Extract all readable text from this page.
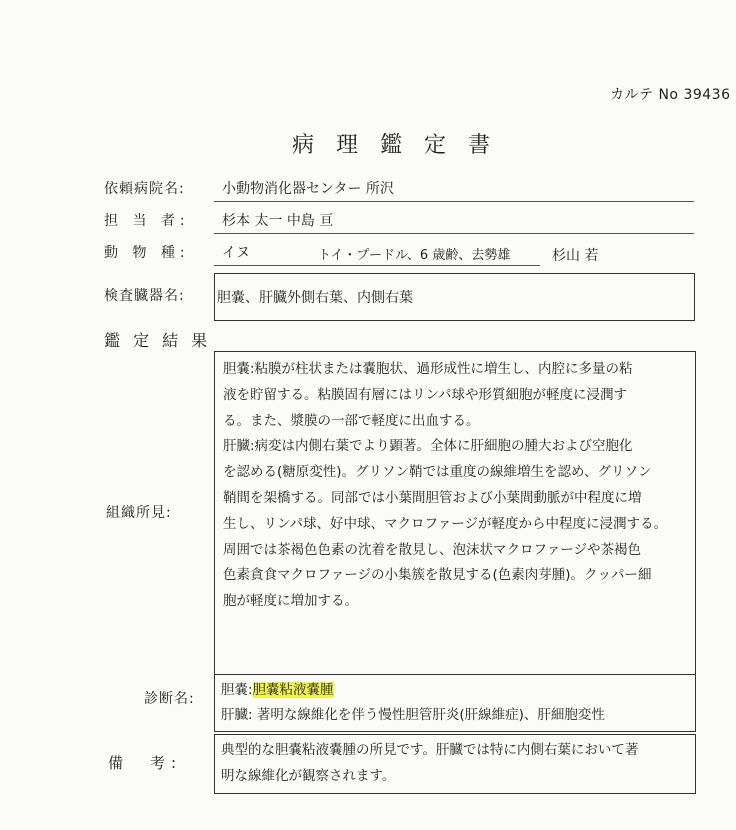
カルテ No 39436
病理鑑定書
依頼病院名:	小動物消化器センター 所沢
担 当 者: 杉本 太一 中島 亘
動 物 種: イヌ	トイ・プードル、6 歳齢、去勢雄	杉山 若
検査臓器名: 胆嚢、肝臓外側右葉、内側右葉
鑑 定 結 果
組織所見:

胆嚢:粘膜が柱状または嚢胞状、過形成性に増生し、内腔に多量の粘

液を貯留する。粘膜固有層にはリンパ球や形質細胞が軽度に浸潤す

る。また、漿膜の一部で軽度に出血する。

肝臓:病変は内側右葉でより顕著。全体に肝細胞の腫大および空胞化

を認める(糖原変性)。グリソン鞘では重度の線維増生を認め、グリソン

鞘間を架橋する。同部では小葉間胆管および小葉間動脈が中程度に増

生し、リンパ球、好中球、マクロファージが軽度から中程度に浸潤する。

周囲では茶褐色色素の沈着を散見し、泡沫状マクロファージや茶褐色

色素貪食マクロファージの小集簇を散見する(色素肉芽腫)。クッパー細

胞が軽度に増加する。

診断名:

胆嚢:胆嚢粘液嚢腫

肝臓: 著明な線維化を伴う慢性胆管肝炎(肝線維症)、肝細胞変性

備　考:

典型的な胆嚢粘液嚢腫の所見です。肝臓では特に内側右葉において著

明な線維化が観察されます。
